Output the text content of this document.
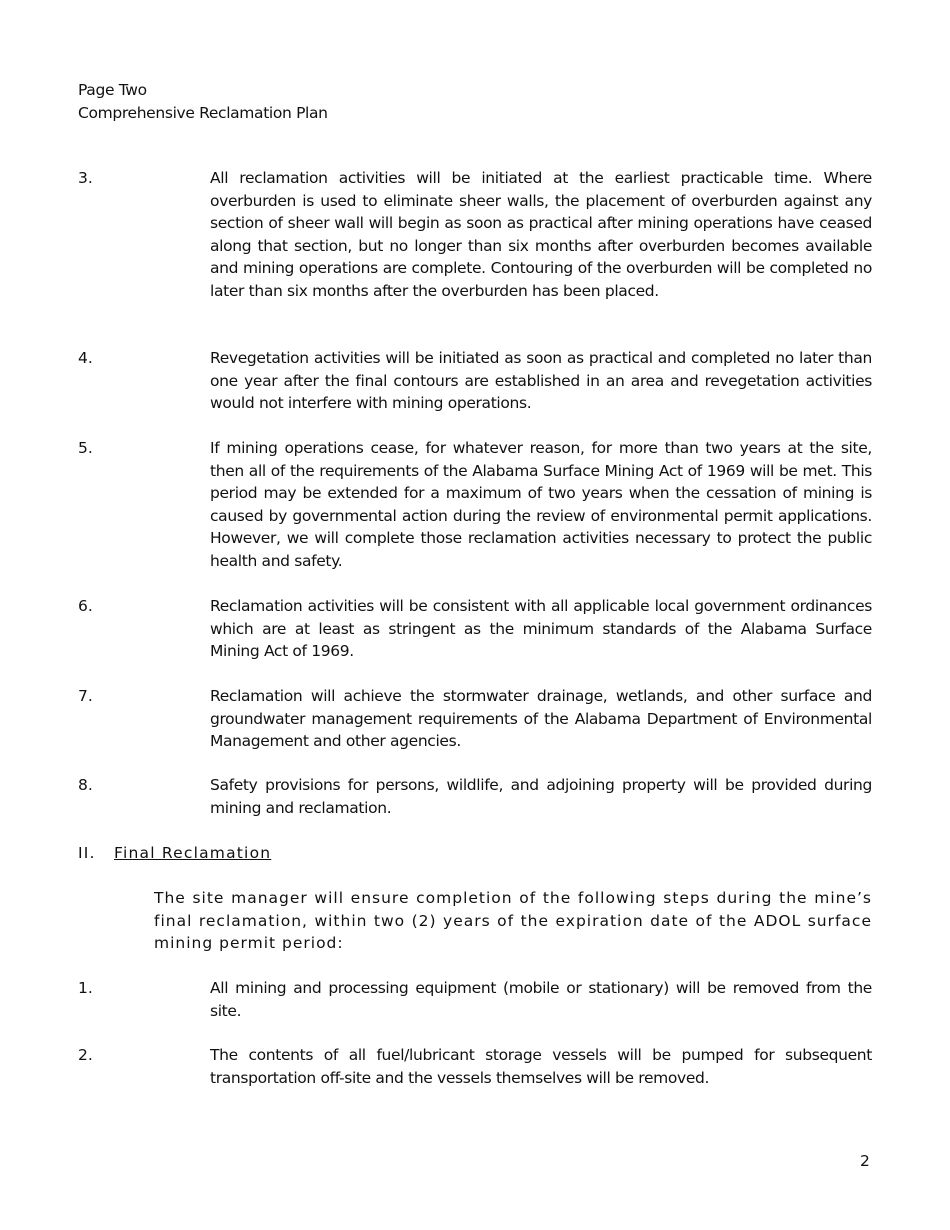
Page Two
Comprehensive Reclamation Plan
3.	All reclamation activities will be initiated at the earliest practicable time. Where overburden is used to eliminate sheer walls, the placement of overburden against any section of sheer wall will begin as soon as practical after mining operations have ceased along that section, but no longer than six months after overburden becomes available and mining operations are complete. Contouring of the overburden will be completed no later than six months after the overburden has been placed.
4.	Revegetation activities will be initiated as soon as practical and completed no later than one year after the final contours are established in an area and revegetation activities would not interfere with mining operations.
5.	If mining operations cease, for whatever reason, for more than two years at the site, then all of the requirements of the Alabama Surface Mining Act of 1969 will be met. This period may be extended for a maximum of two years when the cessation of mining is caused by governmental action during the review of environmental permit applications. However, we will complete those reclamation activities necessary to protect the public health and safety.
6.	Reclamation activities will be consistent with all applicable local government ordinances which are at least as stringent as the minimum standards of the Alabama Surface Mining Act of 1969.
7.	Reclamation will achieve the stormwater drainage, wetlands, and other surface and groundwater management requirements of the Alabama Department of Environmental Management and other agencies.
8.	Safety provisions for persons, wildlife, and adjoining property will be provided during mining and reclamation.
II. Final Reclamation
The site manager will ensure completion of the following steps during the mine’s final reclamation, within two (2) years of the expiration date of the ADOL surface mining permit period:
1.	All mining and processing equipment (mobile or stationary) will be removed from the site.
2.	The contents of all fuel/lubricant storage vessels will be pumped for subsequent transportation off-site and the vessels themselves will be removed.
2
